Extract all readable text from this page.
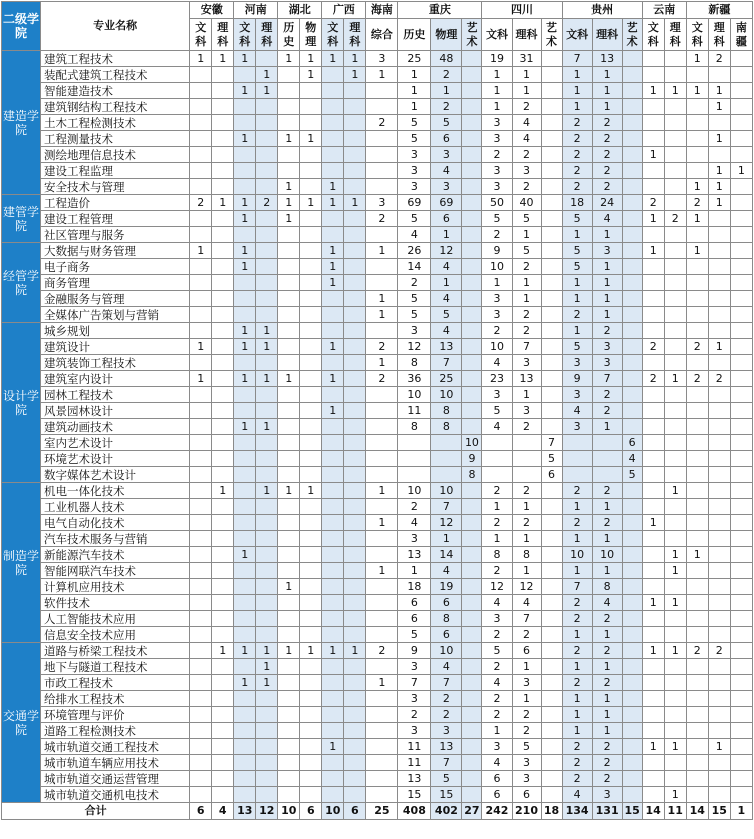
二级学院	专业名称	安徽		河南		湖北		广西		海南	重庆			四川			贵州			云南		新疆		
		文科	理科	文科	理科	历史	物理	文科	理科	综合	历史	物理	艺术	文科	理科	艺术	文科	理科	艺术	文科	理科	文科	理科	南疆
建造学院	建筑工程技术	1	1	1		1	1	1	1	3	25	48		19	31		7	13				1	2	
	装配式建筑工程技术				1		1		1	1	1	2		1	1		1	1						
	智能建造技术			1	1						1	1		1	1		1	1		1	1	1	1	
	建筑钢结构工程技术										1	2		1	2		1	1					1	
	土木工程检测技术									2	5	5		3	4		2	2						
	工程测量技术			1		1	1				5	6		3	4		2	2					1	
	测绘地理信息技术										3	3		2	2		2	2		1				
	建设工程监理										3	4		3	3		2	2					1	1
	安全技术与管理					1		1			3	3		3	2		2	2				1	1	
建管学院	工程造价	2	1	1	2	1	1	1	1	3	69	69		50	40		18	24		2		2	1	
	建设工程管理			1		1				2	5	6		5	5		5	4		1	2	1		
	社区管理与服务										4	1		2	1		1	1						
经管学院	大数据与财务管理	1		1				1		1	26	12		9	5		5	3		1		1		
	电子商务			1				1			14	4		10	2		5	1						
	商务管理							1			2	1		1	1		1	1						
	金融服务与管理									1	5	4		3	1		1	1						
	全媒体广告策划与营销									1	5	5		3	2		2	1						
设计学院	城乡规划			1	1						3	4		2	2		1	2						
	建筑设计	1		1	1			1		2	12	13		10	7		5	3		2		2	1	
	建筑装饰工程技术									1	8	7		4	3		3	3						
	建筑室内设计	1		1	1	1		1		2	36	25		23	13		9	7		2	1	2	2	
	园林工程技术										10	10		3	1		3	2						
	风景园林设计							1			11	8		5	3		4	2						
	建筑动画技术			1	1						8	8		4	2		3	1						
	室内艺术设计												10			7			6					
	环境艺术设计												9			5			4					
	数字媒体艺术设计												8			6			5					
制造学院	机电一体化技术		1		1	1	1			1	10	10		2	2		2	2			1			
	工业机器人技术										2	7		1	1		1	1						
	电气自动化技术									1	4	12		2	2		2	2		1				
	汽车技术服务与营销										3	1		1	1		1	1						
	新能源汽车技术			1							13	14		8	8		10	10			1	1		
	智能网联汽车技术									1	1	4		2	1		1	1			1			
	计算机应用技术					1					18	19		12	12		7	8						
	软件技术										6	6		4	4		2	4		1	1			
	人工智能技术应用										6	8		3	7		2	2						
	信息安全技术应用										5	6		2	2		1	1						
交通学院	道路与桥梁工程技术		1	1	1	1	1	1	1	2	9	10		5	6		2	2		1	1	2	2	
	地下与隧道工程技术				1						3	4		2	1		1	1						
	市政工程技术			1	1					1	7	7		4	3		2	2						
	给排水工程技术										3	2		2	1		1	1						
	环境管理与评价										2	2		2	2		1	1						
	道路工程检测技术										3	3		1	2		1	1						
	城市轨道交通工程技术							1			11	13		3	5		2	2		1	1		1	
	城市轨道车辆应用技术										11	7		4	3		2	2						
	城市轨道交通运营管理										13	5		6	3		2	2						
	城市轨道交通机电技术										15	15		6	6		4	3			1			
合计		6	4	13	12	10	6	10	6	25	408	402	27	242	210	18	134	131	15	14	11	14	15	1
